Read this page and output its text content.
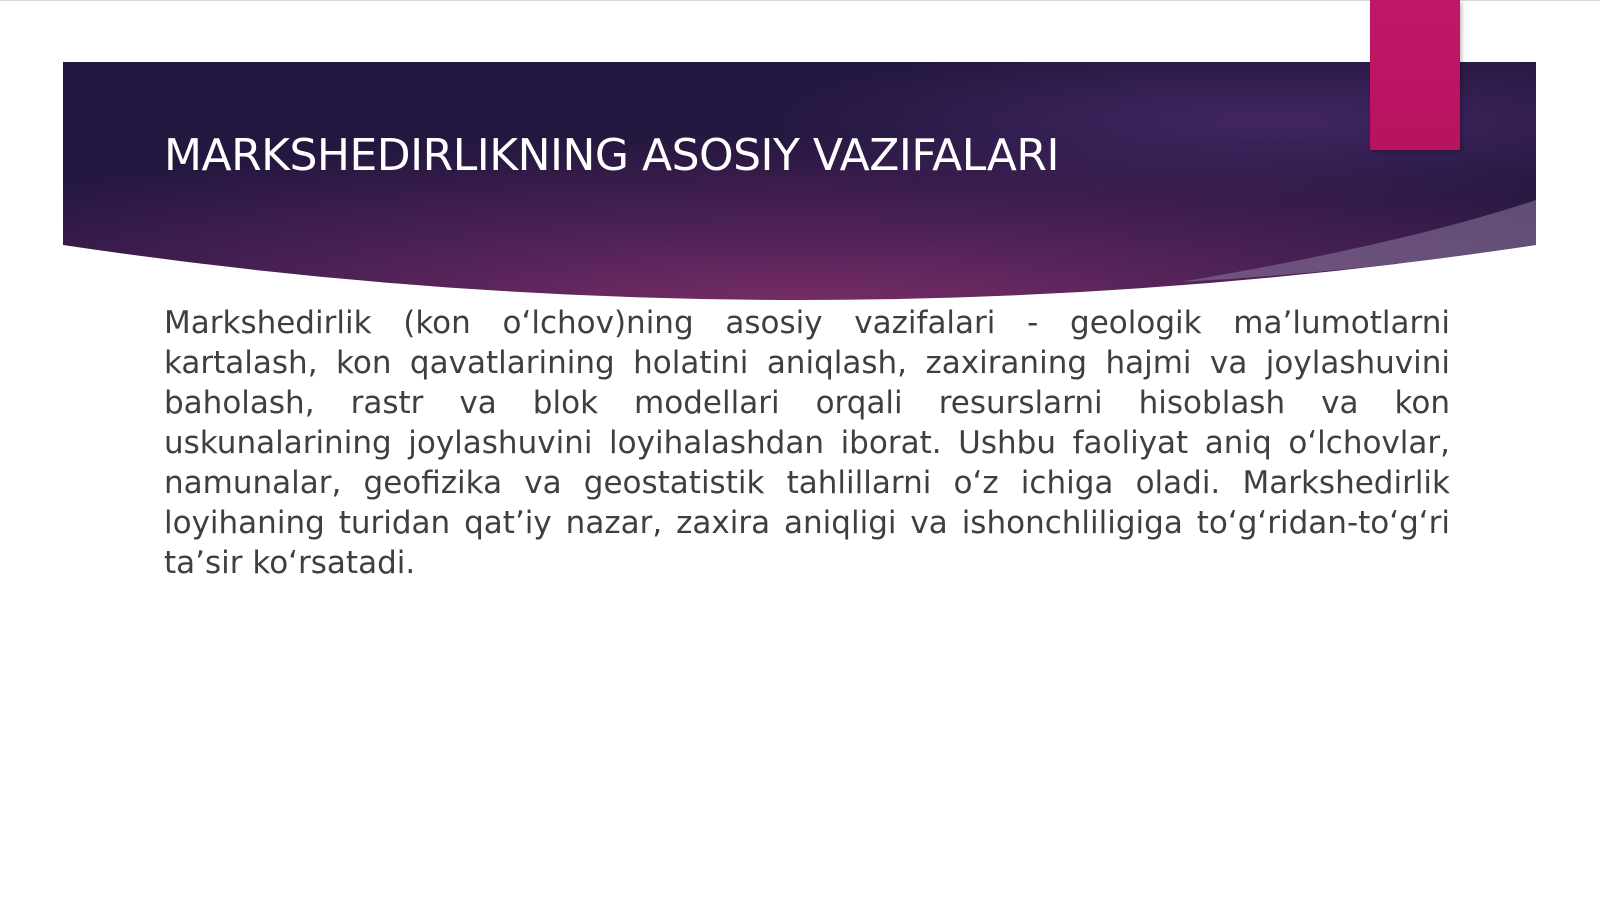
MARKSHEDIRLIKNING ASOSIY VAZIFALARI

Markshedirlik (kon o‘lchov)ning asosiy vazifalari - geologik ma’lumotlarni kartalash, kon qavatlarining holatini aniqlash, zaxiraning hajmi va joylashuvini baholash, rastr va blok modellari orqali resurslarni hisoblash va kon uskunalarining joylashuvini loyihalashdan iborat. Ushbu faoliyat aniq o‘lchovlar, namunalar, geofizika va geostatistik tahlillarni o‘z ichiga oladi. Markshedirlik loyihaning turidan qat’iy nazar, zaxira aniqligi va ishonchliligiga to‘g‘ridan-to‘g‘ri ta’sir ko‘rsatadi.
